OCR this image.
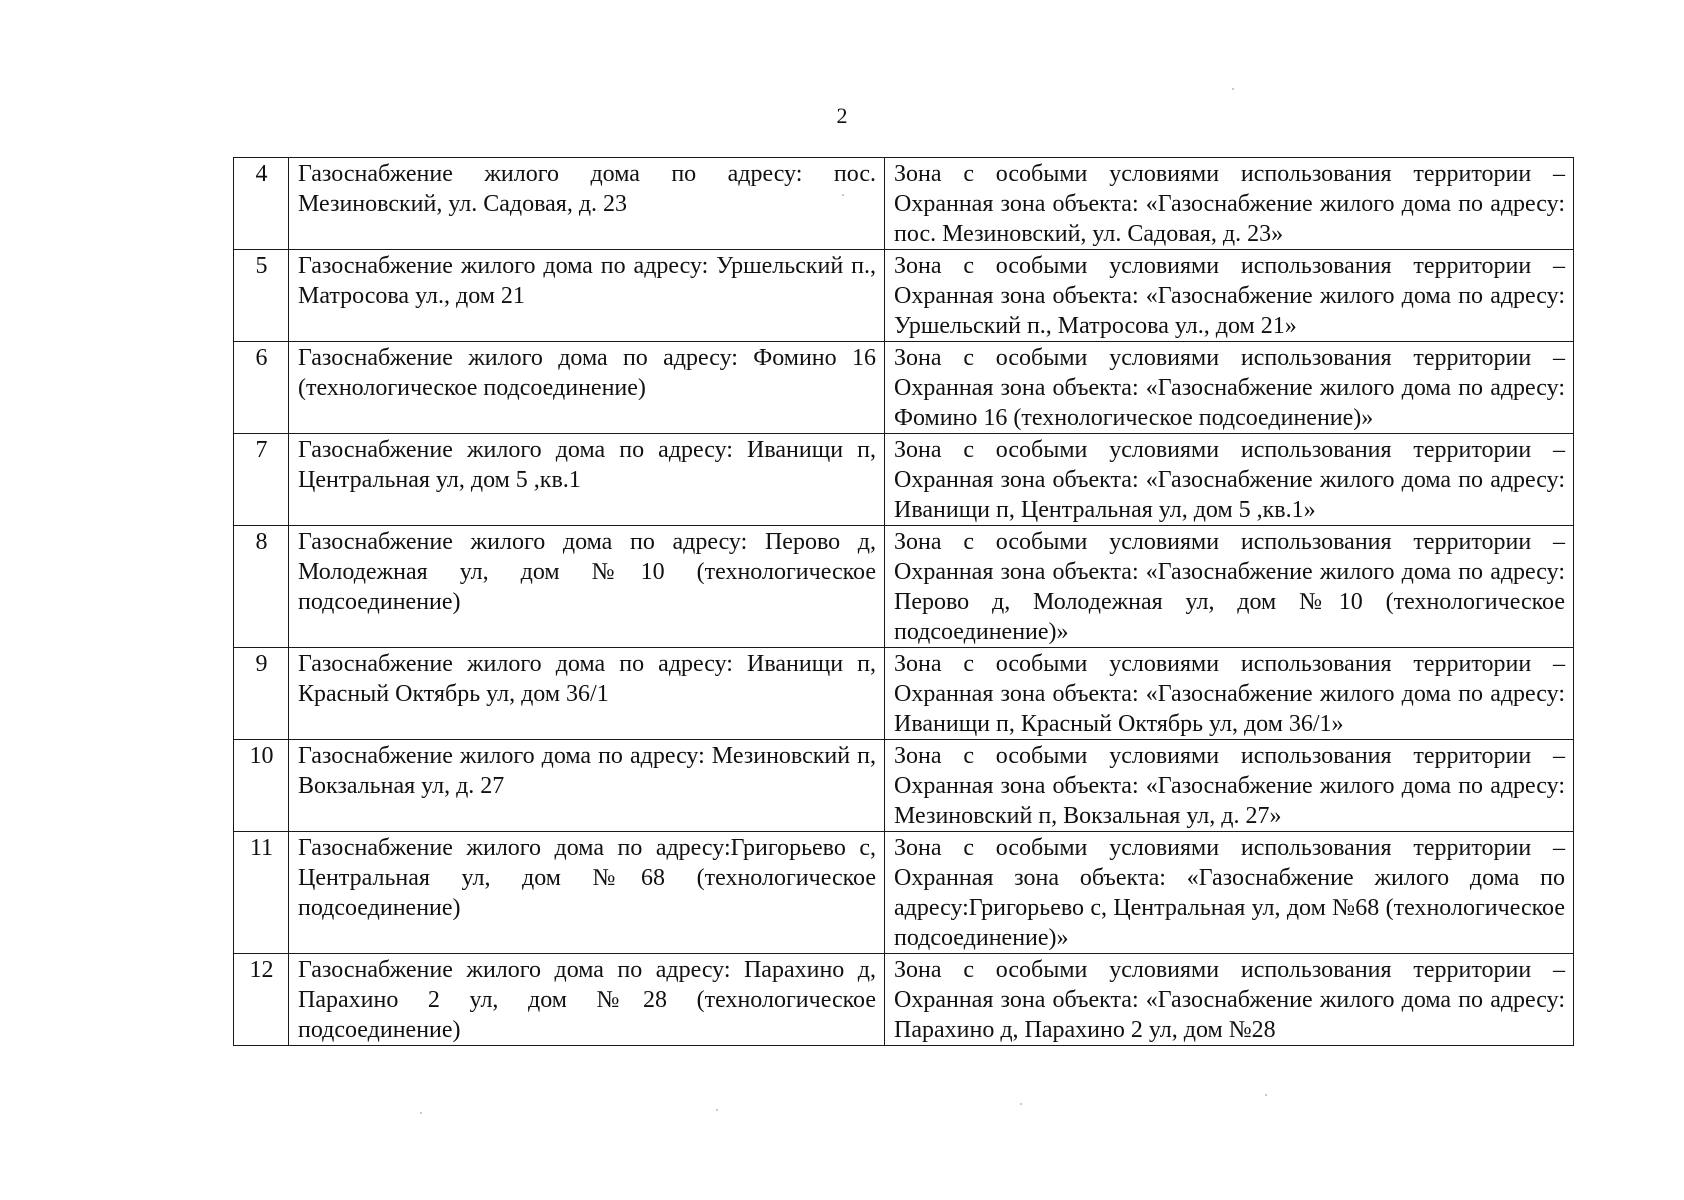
2
4	Газоснабжение жилого дома по адресу: пос. Мезиновский, ул. Садовая, д. 23	Зона с особыми условиями использования территории – Охранная зона объекта: «Газоснабжение жилого дома по адресу: пос. Мезиновский, ул. Садовая, д. 23»
5	Газоснабжение жилого дома по адресу: Уршельский п., Матросова ул., дом 21	Зона с особыми условиями использования территории – Охранная зона объекта: «Газоснабжение жилого дома по адресу: Уршельский п., Матросова ул., дом 21»
6	Газоснабжение жилого дома по адресу: Фомино 16 (технологическое подсоединение)	Зона с особыми условиями использования территории – Охранная зона объекта: «Газоснабжение жилого дома по адресу: Фомино 16 (технологическое подсоединение)»
7	Газоснабжение жилого дома по адресу: Иванищи п, Центральная ул, дом 5 ,кв.1	Зона с особыми условиями использования территории – Охранная зона объекта: «Газоснабжение жилого дома по адресу: Иванищи п, Центральная ул, дом 5 ,кв.1»
8	Газоснабжение жилого дома по адресу: Перово д, Молодежная ул, дом №10 (технологическое подсоединение)	Зона с особыми условиями использования территории – Охранная зона объекта: «Газоснабжение жилого дома по адресу: Перово д, Молодежная ул, дом №10 (технологическое подсоединение)»
9	Газоснабжение жилого дома по адресу: Иванищи п, Красный Октябрь ул, дом 36/1	Зона с особыми условиями использования территории – Охранная зона объекта: «Газоснабжение жилого дома по адресу: Иванищи п, Красный Октябрь ул, дом 36/1»
10	Газоснабжение жилого дома по адресу: Мезиновский п, Вокзальная ул, д. 27	Зона с особыми условиями использования территории – Охранная зона объекта: «Газоснабжение жилого дома по адресу: Мезиновский п, Вокзальная ул, д. 27»
11	Газоснабжение жилого дома по адресу:Григорьево с, Центральная ул, дом №68 (технологическое подсоединение)	Зона с особыми условиями использования территории – Охранная зона объекта: «Газоснабжение жилого дома по адресу:Григорьево с, Центральная ул, дом №68 (технологическое подсоединение)»
12	Газоснабжение жилого дома по адресу: Парахино д, Парахино 2 ул, дом №28 (технологическое подсоединение)	Зона с особыми условиями использования территории – Охранная зона объекта: «Газоснабжение жилого дома по адресу: Парахино д, Парахино 2 ул, дом №28
